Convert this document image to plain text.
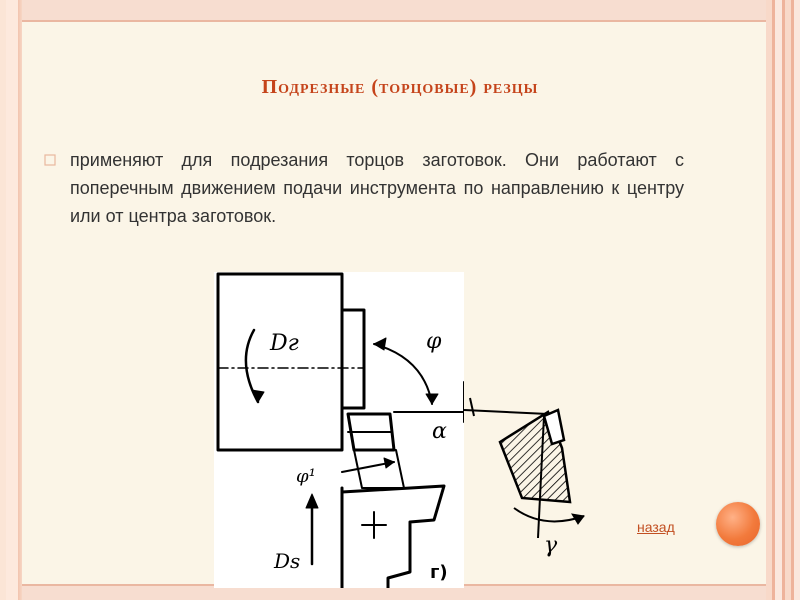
Подрезные (торцовые) резцы
применяют для подрезания торцов заготовок. Они работают с поперечным движением подачи инструмента по направлению к центру или от центра заготовок.
Dг	φ
α
φ¹
Ds	г)
γ
назад
